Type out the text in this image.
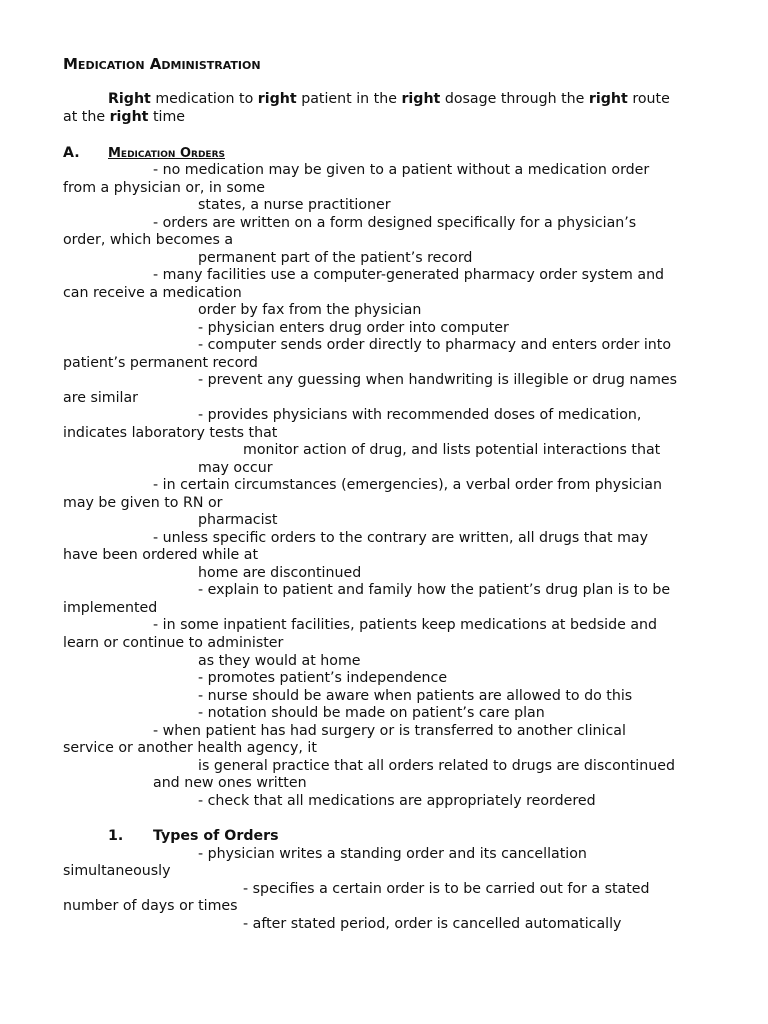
Medication Administration
Right medication to right patient in the right dosage through the right route
at the right time
A. Medication Orders
- no medication may be given to a patient without a medication order
from a physician or, in some
states, a nurse practitioner
- orders are written on a form designed specifically for a physician’s
order, which becomes a
permanent part of the patient’s record
- many facilities use a computer-generated pharmacy order system and
can receive a medication
order by fax from the physician
- physician enters drug order into computer
- computer sends order directly to pharmacy and enters order into
patient’s permanent record
- prevent any guessing when handwriting is illegible or drug names
are similar
- provides physicians with recommended doses of medication,
indicates laboratory tests that
monitor action of drug, and lists potential interactions that
may occur
- in certain circumstances (emergencies), a verbal order from physician
may be given to RN or
pharmacist
- unless specific orders to the contrary are written, all drugs that may
have been ordered while at
home are discontinued
- explain to patient and family how the patient’s drug plan is to be
implemented
- in some inpatient facilities, patients keep medications at bedside and
learn or continue to administer
as they would at home
- promotes patient’s independence
- nurse should be aware when patients are allowed to do this
- notation should be made on patient’s care plan
- when patient has had surgery or is transferred to another clinical
service or another health agency, it
is general practice that all orders related to drugs are discontinued
and new ones written
- check that all medications are appropriately reordered
1. Types of Orders
- physician writes a standing order and its cancellation
simultaneously
- specifies a certain order is to be carried out for a stated
number of days or times
- after stated period, order is cancelled automatically
